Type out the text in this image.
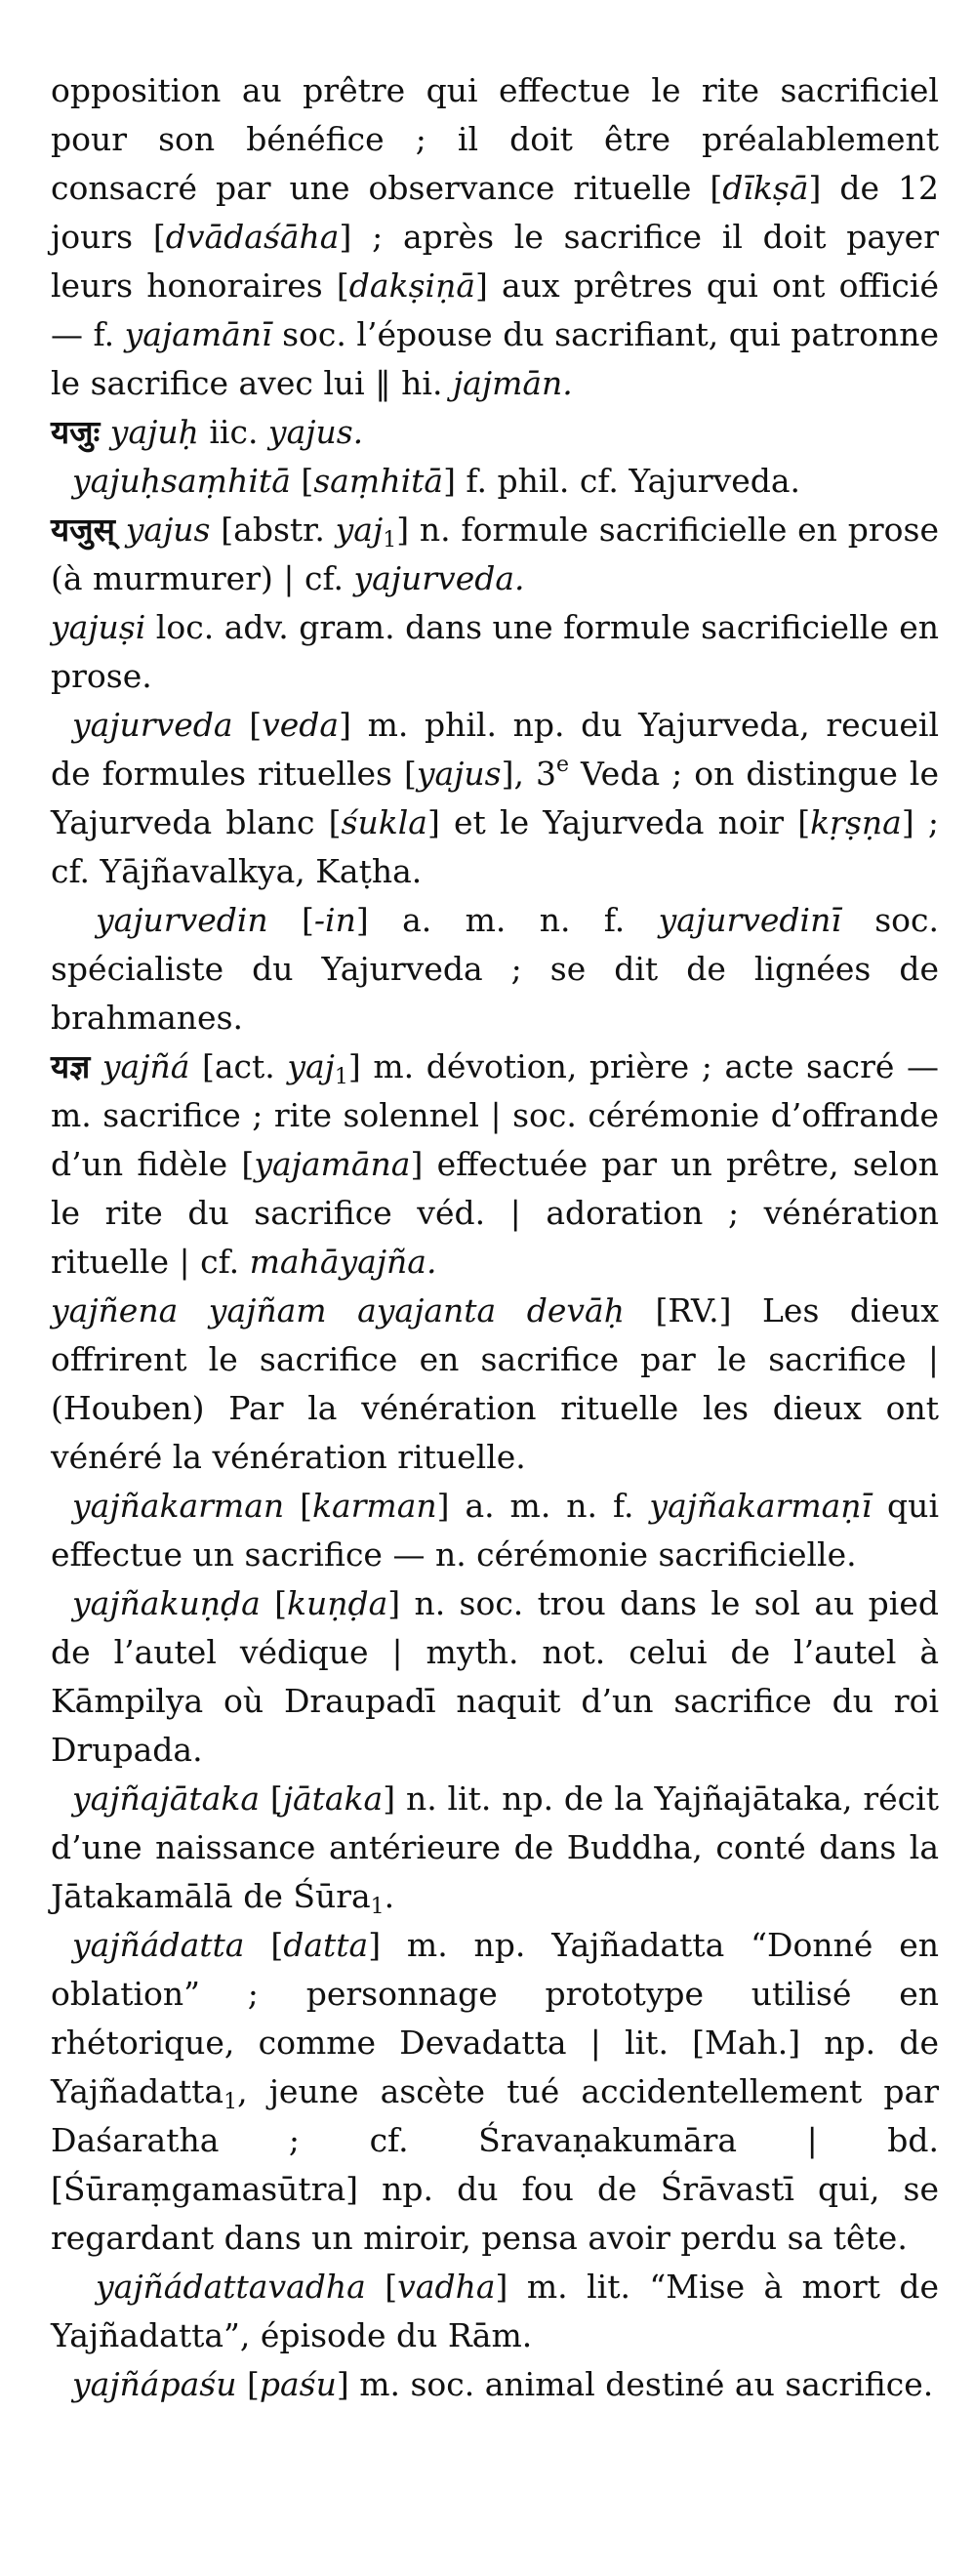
opposition au prêtre qui effectue le rite sacrificiel pour son bénéfice ; il doit être préalablement consacré par une observance rituelle [dīkṣā] de 12 jours [dvādaśāha] ; après le sacrifice il doit payer leurs honoraires [dakṣiṇā] aux prêtres qui ont officié — f. yajamānī soc. l’épouse du sacrifiant, qui patronne le sacrifice avec lui ‖ hi. jajmān.

यजुः yajuḥ iic. yajus.

yajuḥsaṃhitā [saṃhitā] f. phil. cf. Yajurveda.

यजुस् yajus [abstr. yaj$_1$] n. formule sacrificielle en prose (à murmurer) | cf. yajurveda.

yajuṣi loc. adv. gram. dans une formule sacrificielle en prose.

yajurveda [veda] m. phil. np. du Yajurveda, recueil de formules rituelles [yajus], 3e Veda ; on distingue le Yajurveda blanc [śukla] et le Yajurveda noir [kṛṣṇa] ; cf. Yājñavalkya, Kaṭha.

yajurvedin [-in] a. m. n. f. yajurvedinī soc. spécialiste du Yajurveda ; se dit de lignées de brahmanes.

यज्ञ yajñá [act. yaj$_1$] m. dévotion, prière ; acte sacré — m. sacrifice ; rite solennel | soc. cérémonie d’offrande d’un fidèle [yajamāna] effectuée par un prêtre, selon le rite du sacrifice véd. | adoration ; vénération rituelle | cf. mahāyajña.

yajñena yajñam ayajanta devāḥ [RV.] Les dieux offrirent le sacrifice en sacrifice par le sacrifice | (Houben) Par la vénération rituelle les dieux ont vénéré la vénération rituelle.

yajñakarman [karman] a. m. n. f. yajñakarmaṇī qui effectue un sacrifice — n. cérémonie sacrificielle.

yajñakuṇḍa [kuṇḍa] n. soc. trou dans le sol au pied de l’autel védique | myth. not. celui de l’autel à Kāmpilya où Draupadī naquit d’un sacrifice du roi Drupada.

yajñajātaka [jātaka] n. lit. np. de la Yajñajātaka, récit d’une naissance antérieure de Buddha, conté dans la Jātakamālā de Śūra$_1$.

yajñádatta [datta] m. np. Yajñadatta “Donné en oblation” ; personnage prototype utilisé en rhétorique, comme Devadatta | lit. [Mah.] np. de Yajñadatta$_1$, jeune ascète tué accidentellement par Daśaratha ; cf. Śravaṇakumāra | bd. [Śūraṃgamasūtra] np. du fou de Śrāvastī qui, se regardant dans un miroir, pensa avoir perdu sa tête.

yajñádattavadha [vadha] m. lit. “Mise à mort de Yajñadatta”, épisode du Rām.

yajñápaśu [paśu] m. soc. animal destiné au sacrifice.
